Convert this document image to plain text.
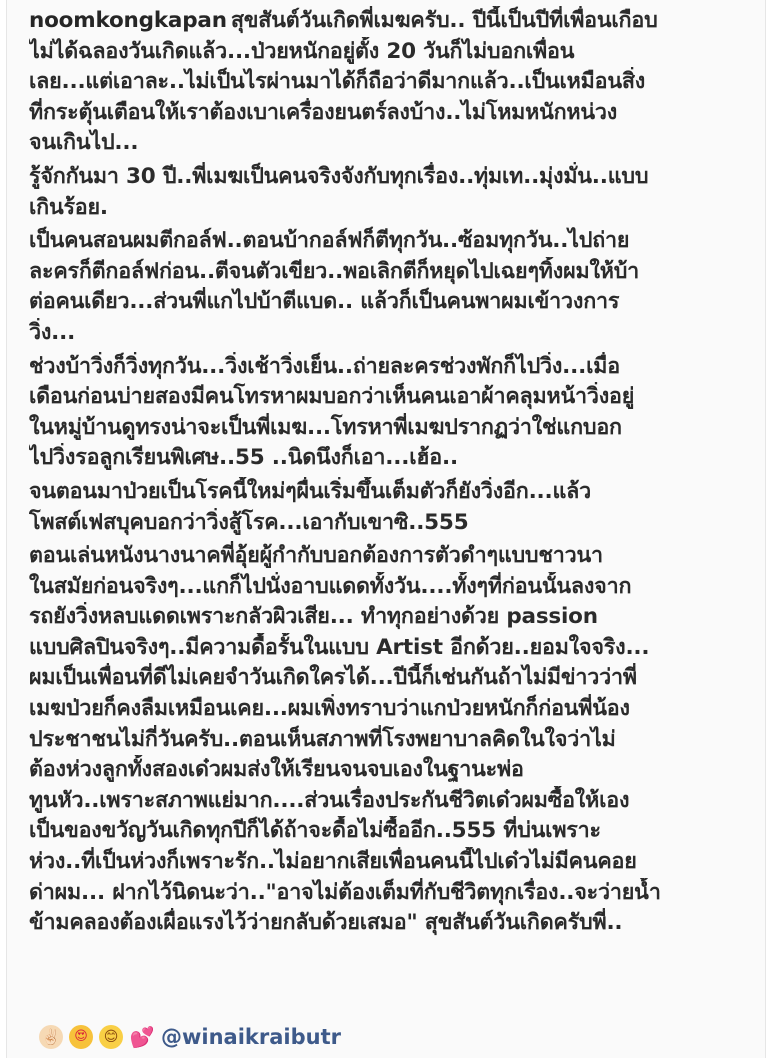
noomkongkapan สุขสันต์วันเกิดพี่เมฆครับ.. ปีนี้เป็นปีที่เพื่อนเกือบ
ไม่ได้ฉลองวันเกิดแล้ว...ป่วยหนักอยู่ตั้ง 20 วันก็ไม่บอกเพื่อน
เลย...แต่เอาละ..ไม่เป็นไรผ่านมาได้ก็ถือว่าดีมากแล้ว..เป็นเหมือนสิ่ง
ที่กระตุ้นเตือนให้เราต้องเบาเครื่องยนตร์ลงบ้าง..ไม่โหมหนักหน่วง
จนเกินไป...
รู้จักกันมา 30 ปี..พี่เมฆเป็นคนจริงจังกับทุกเรื่อง..ทุ่มเท..มุ่งมั่น..แบบ
เกินร้อย.
เป็นคนสอนผมตีกอล์ฟ..ตอนบ้ากอล์ฟก็ตีทุกวัน..ซ้อมทุกวัน..ไปถ่าย
ละครก็ตีกอล์ฟก่อน..ตีจนตัวเขียว..พอเลิกตีก็หยุดไปเฉยๆทิ้งผมให้บ้า
ต่อคนเดียว...ส่วนพี่แกไปบ้าตีแบด.. แล้วก็เป็นคนพาผมเข้าวงการ
วิ่ง...
ช่วงบ้าวิ่งก็วิ่งทุกวัน...วิ่งเช้าวิ่งเย็น..ถ่ายละครช่วงพักก็ไปวิ่ง...เมื่อ
เดือนก่อนบ่ายสองมีคนโทรหาผมบอกว่าเห็นคนเอาผ้าคลุมหน้าวิ่งอยู่
ในหมู่บ้านดูทรงน่าจะเป็นพี่เมฆ...โทรหาพี่เมฆปรากฏว่าใช่แกบอก
ไปวิ่งรอลูกเรียนพิเศษ..55 ..นิดนึงก็เอา...เฮ้อ..
จนตอนมาป่วยเป็นโรคนี้ใหม่ๆผื่นเริ่มขึ้นเต็มตัวก็ยังวิ่งอีก...แล้ว
โพสต์เฟสบุคบอกว่าวิ่งสู้โรค...เอากับเขาซิ..555
ตอนเล่นหนังนางนาคพี่อุ้ยผู้กำกับบอกต้องการตัวดำๆแบบชาวนา
ในสมัยก่อนจริงๆ...แกก็ไปนั่งอาบแดดทั้งวัน....ทั้งๆที่ก่อนนั้นลงจาก
รถยังวิ่งหลบแดดเพราะกลัวผิวเสีย... ทำทุกอย่างด้วย passion
แบบศิลปินจริงๆ..มีความดื้อรั้นในแบบ Artist อีกด้วย..ยอมใจจริง...
ผมเป็นเพื่อนที่ดีไม่เคยจำวันเกิดใครได้...ปีนี้ก็เช่นกันถ้าไม่มีข่าวว่าพี่
เมฆป่วยก็คงลืมเหมือนเคย...ผมเพิ่งทราบว่าแกป่วยหนักก็ก่อนพี่น้อง
ประชาชนไม่กี่วันครับ..ตอนเห็นสภาพที่โรงพยาบาลคิดในใจว่าไม่
ต้องห่วงลูกทั้งสองเด๋วผมส่งให้เรียนจนจบเองในฐานะพ่อ
ทูนหัว..เพราะสภาพแย่มาก....ส่วนเรื่องประกันชีวิตเด๋วผมซื้อให้เอง
เป็นของขวัญวันเกิดทุกปีก็ได้ถ้าจะดื้อไม่ซื้ออีก..555 ที่บ่นเพราะ
ห่วง..ที่เป็นห่วงก็เพราะรัก..ไม่อยากเสียเพื่อนคนนี้ไปเด๋วไม่มีคนคอย
ด่าผม... ฝากไว้นิดนะว่า.."อาจไม่ต้องเต็มที่กับชีวิตทุกเรื่อง..จะว่ายน้ำ
ข้ามคลองต้องเผื่อแรงไว้ว่ายกลับด้วยเสมอ" สุขสันต์วันเกิดครับพี่..
✌🏻	😍	😊 💕 @winaikraibutr
